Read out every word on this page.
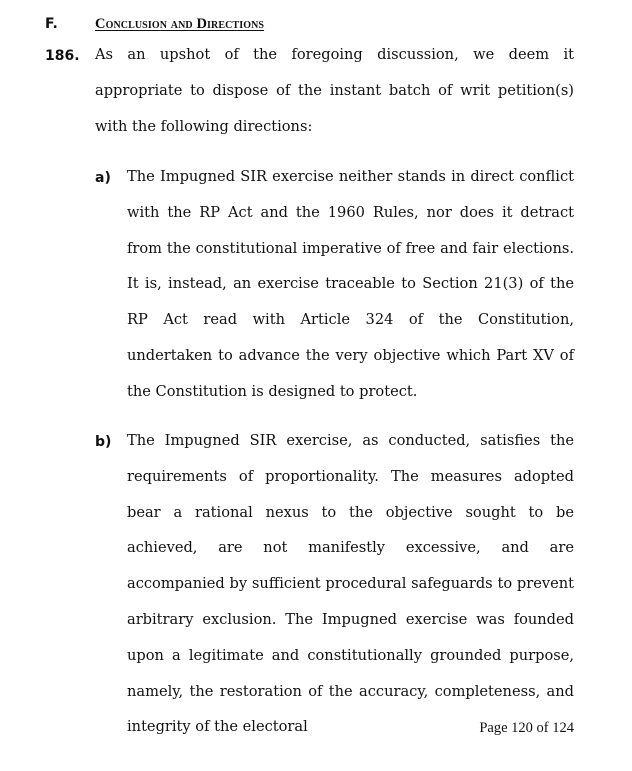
F.	Conclusion and Directions
186. As an upshot of the foregoing discussion, we deem it appropriate to dispose of the instant batch of writ petition(s) with the following directions:

a) The Impugned SIR exercise neither stands in direct conflict with the RP Act and the 1960 Rules, nor does it detract from the constitutional imperative of free and fair elections. It is, instead, an exercise traceable to Section 21(3) of the RP Act read with Article 324 of the Constitution, undertaken to advance the very objective which Part XV of the Constitution is designed to protect.

b) The Impugned SIR exercise, as conducted, satisfies the requirements of proportionality. The measures adopted bear a rational nexus to the objective sought to be achieved, are not manifestly excessive, and are accompanied by sufficient procedural safeguards to prevent arbitrary exclusion. The Impugned exercise was founded upon a legitimate and constitutionally grounded purpose, namely, the restoration of the accuracy, completeness, and integrity of the electoral	Page 120 of 124
